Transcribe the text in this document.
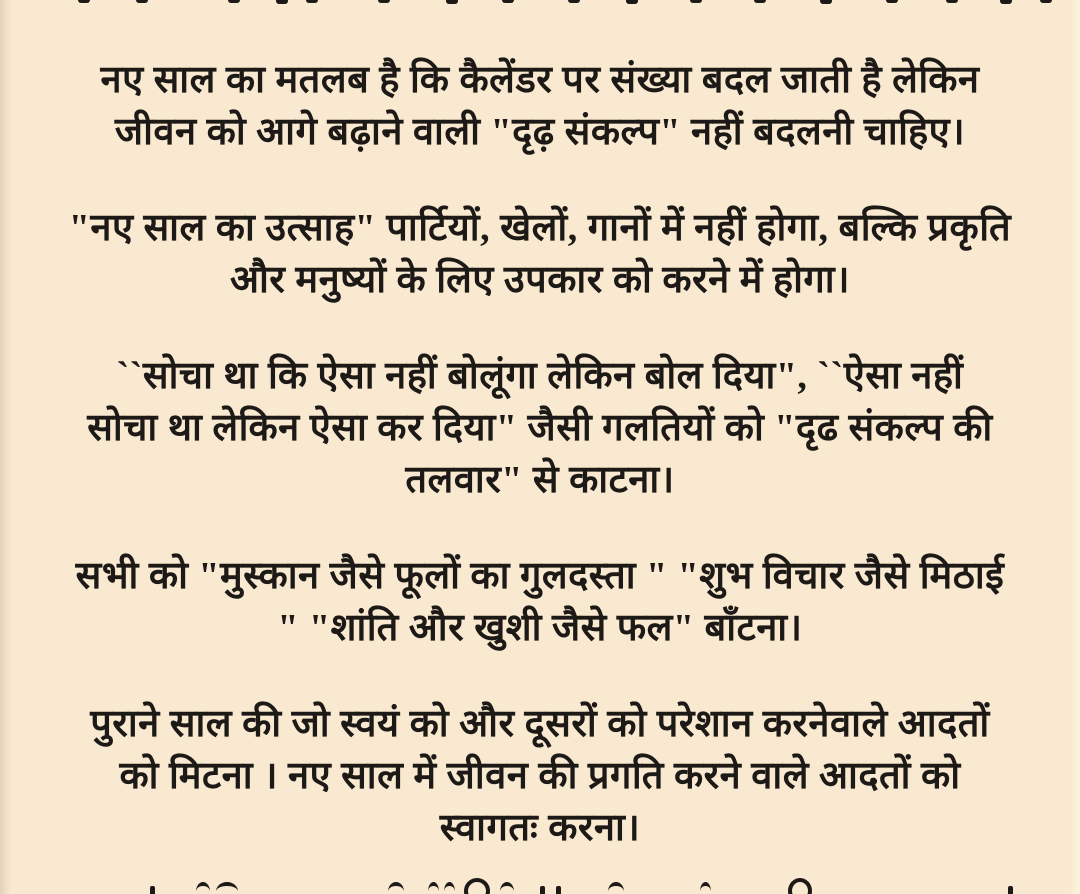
नए साल का मतलब है कि कैलेंडर पर संख्या बदल जाती है लेकिन
जीवन को आगे बढ़ाने वाली "दृढ़ संकल्प" नहीं बदलनी चाहिए।

"नए साल का उत्साह" पार्टियों, खेलों, गानों में नहीं होगा, बल्कि प्रकृति
और मनुष्यों के लिए उपकार को करने में होगा।

``सोचा था कि ऐसा नहीं बोलूंगा लेकिन बोल दिया", ``ऐसा नहीं
सोचा था लेकिन ऐसा कर दिया" जैसी गलतियों को "दृढ संकल्प की
तलवार" से काटना।

सभी को "मुस्कान जैसे फूलों का गुलदस्ता " "शुभ विचार जैसे मिठाई
" "शांति और खुशी जैसे फल" बाँटना।

पुराने साल की जो स्वयं को और दूसरों को परेशान करनेवाले आदतों
को मिटना । नए साल में जीवन की प्रगति करने वाले आदतों को
स्वागतः करना।
